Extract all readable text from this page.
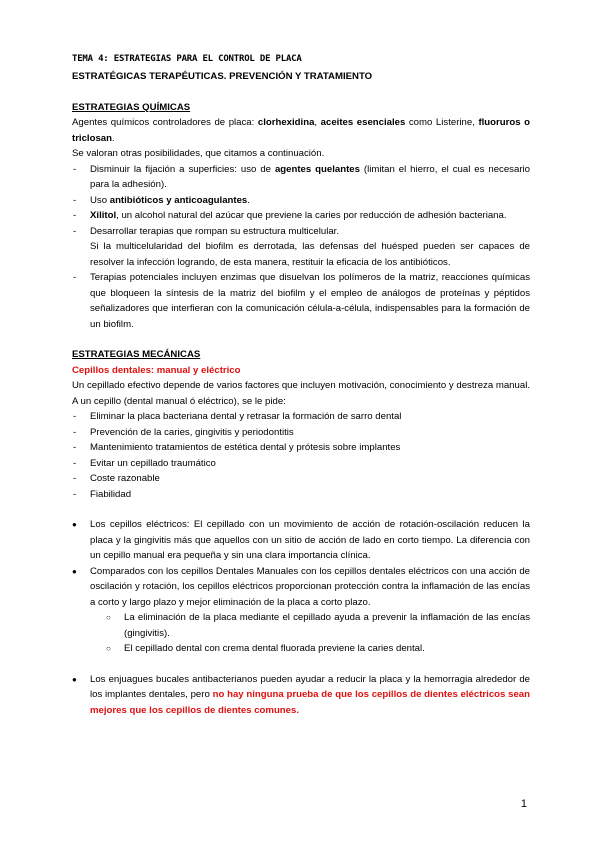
TEMA 4: ESTRATEGIAS PARA EL CONTROL DE PLACA

ESTRATÉGICAS TERAPÉUTICAS. PREVENCIÓN Y TRATAMIENTO

ESTRATEGIAS QUÍMICAS

Agentes químicos controladores de placa: clorhexidina, aceites esenciales como Listerine, fluoruros o triclosan.

Se valoran otras posibilidades, que citamos a continuación.

- Disminuir la fijación a superficies: uso de agentes quelantes (limitan el hierro, el cual es necesario para la adhesión).
- Uso antibióticos y anticoagulantes.
- Xilitol, un alcohol natural del azúcar que previene la caries por reducción de adhesión bacteriana.
- Desarrollar terapias que rompan su estructura multicelular.
Si la multicelularidad del biofilm es derrotada, las defensas del huésped pueden ser capaces de resolver la infección logrando, de esta manera, restituir la eficacia de los antibióticos.
- Terapias potenciales incluyen enzimas que disuelvan los polímeros de la matriz, reacciones químicas que bloqueen la síntesis de la matriz del biofilm y el empleo de análogos de proteínas y péptidos señalizadores que interfieran con la comunicación célula-a-célula, indispensables para la formación de un biofilm.

ESTRATEGIAS MECÁNICAS

Cepillos dentales: manual y eléctrico

Un cepillado efectivo depende de varios factores que incluyen motivación, conocimiento y destreza manual. A un cepillo (dental manual ó eléctrico), se le pide:

- Eliminar la placa bacteriana dental y retrasar la formación de sarro dental
- Prevención de la caries, gingivitis y periodontitis
- Mantenimiento tratamientos de estética dental y prótesis sobre implantes
- Evitar un cepillado traumático
- Coste razonable
- Fiabilidad
● Los cepillos eléctricos: El cepillado con un movimiento de acción de rotación-oscilación reducen la placa y la gingivitis más que aquellos con un sitio de acción de lado en corto tiempo. La diferencia con un cepillo manual era pequeña y sin una clara importancia clínica.
● Comparados con los cepillos Dentales Manuales con los cepillos dentales eléctricos con una acción de oscilación y rotación, los cepillos eléctricos proporcionan protección contra la inflamación de las encías a corto y largo plazo y mejor eliminación de la placa a corto plazo.
○ La eliminación de la placa mediante el cepillado ayuda a prevenir la inflamación de las encías (gingivitis).
○ El cepillado dental con crema dental fluorada previene la caries dental.
● Los enjuagues bucales antibacterianos pueden ayudar a reducir la placa y la hemorragia alrededor de los implantes dentales, pero no hay ninguna prueba de que los cepillos de dientes eléctricos sean mejores que los cepillos de dientes comunes.
1
